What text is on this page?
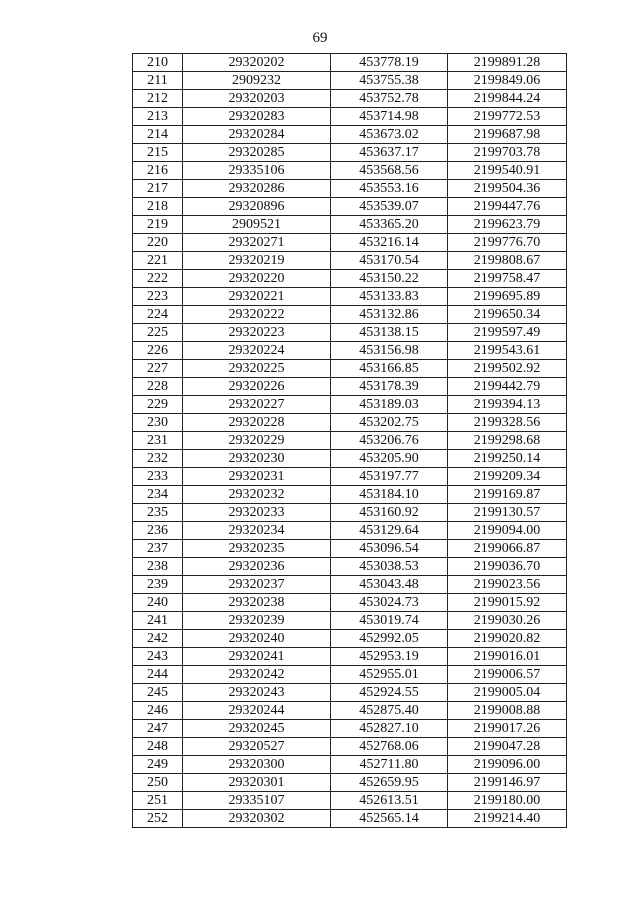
69
210	29320202	453778.19	2199891.28
211	2909232	453755.38	2199849.06
212	29320203	453752.78	2199844.24
213	29320283	453714.98	2199772.53
214	29320284	453673.02	2199687.98
215	29320285	453637.17	2199703.78
216	29335106	453568.56	2199540.91
217	29320286	453553.16	2199504.36
218	29320896	453539.07	2199447.76
219	2909521	453365.20	2199623.79
220	29320271	453216.14	2199776.70
221	29320219	453170.54	2199808.67
222	29320220	453150.22	2199758.47
223	29320221	453133.83	2199695.89
224	29320222	453132.86	2199650.34
225	29320223	453138.15	2199597.49
226	29320224	453156.98	2199543.61
227	29320225	453166.85	2199502.92
228	29320226	453178.39	2199442.79
229	29320227	453189.03	2199394.13
230	29320228	453202.75	2199328.56
231	29320229	453206.76	2199298.68
232	29320230	453205.90	2199250.14
233	29320231	453197.77	2199209.34
234	29320232	453184.10	2199169.87
235	29320233	453160.92	2199130.57
236	29320234	453129.64	2199094.00
237	29320235	453096.54	2199066.87
238	29320236	453038.53	2199036.70
239	29320237	453043.48	2199023.56
240	29320238	453024.73	2199015.92
241	29320239	453019.74	2199030.26
242	29320240	452992.05	2199020.82
243	29320241	452953.19	2199016.01
244	29320242	452955.01	2199006.57
245	29320243	452924.55	2199005.04
246	29320244	452875.40	2199008.88
247	29320245	452827.10	2199017.26
248	29320527	452768.06	2199047.28
249	29320300	452711.80	2199096.00
250	29320301	452659.95	2199146.97
251	29335107	452613.51	2199180.00
252	29320302	452565.14	2199214.40
